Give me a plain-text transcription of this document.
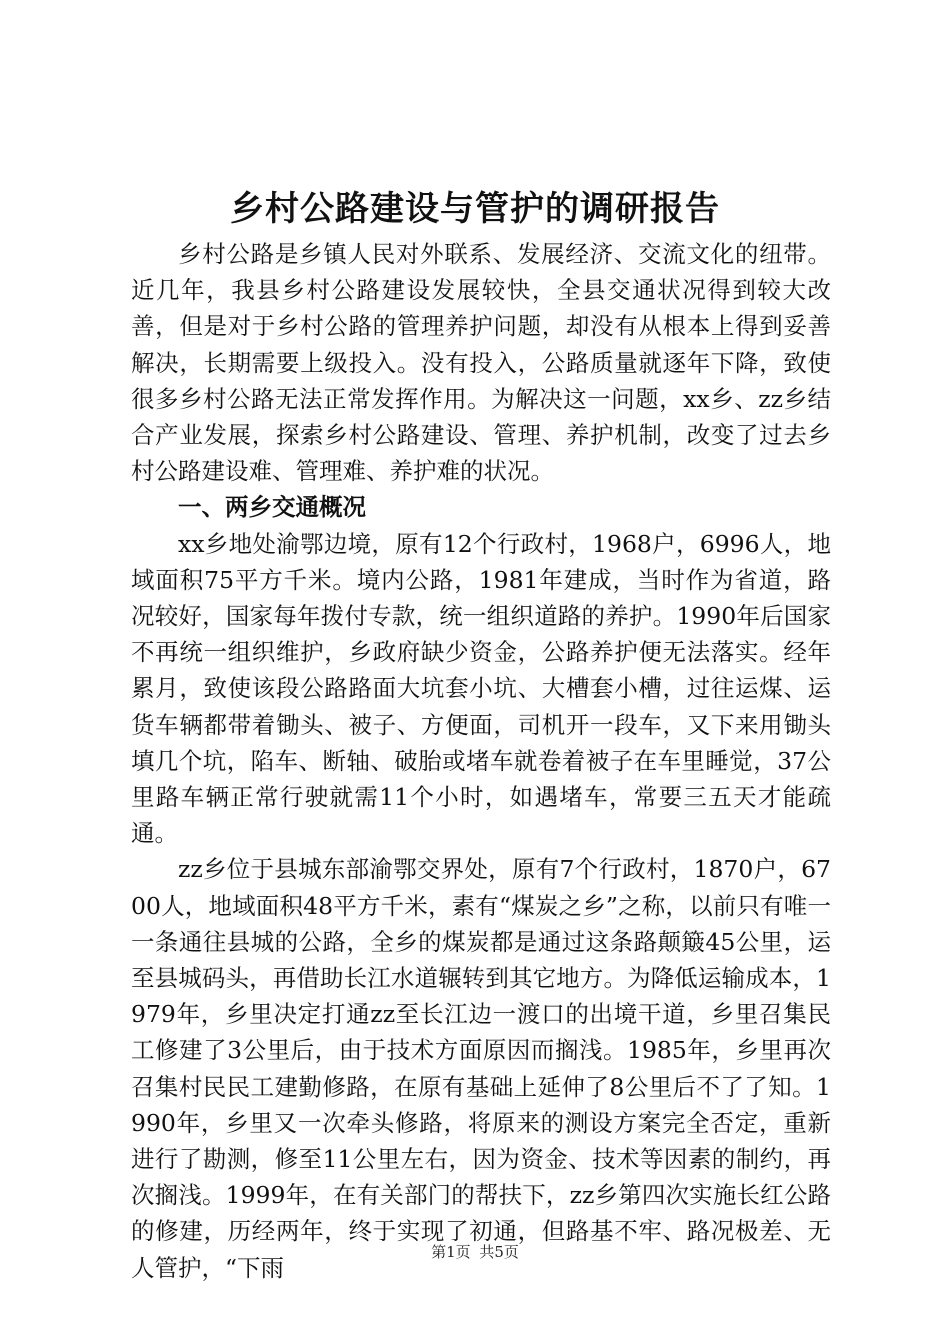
乡村公路建设与管护的调研报告

乡村公路是乡镇人民对外联系、发展经济、交流文化的纽带。近几年，我县乡村公路建设发展较快，全县交通状况得到较大改善，但是对于乡村公路的管理养护问题，却没有从根本上得到妥善解决，长期需要上级投入。没有投入，公路质量就逐年下降，致使很多乡村公路无法正常发挥作用。为解决这一问题，xx乡、zz乡结合产业发展，探索乡村公路建设、管理、养护机制，改变了过去乡村公路建设难、管理难、养护难的状况。

一、两乡交通概况

xx乡地处渝鄂边境，原有12个行政村，1968户，6996人，地域面积75平方千米。境内公路，1981年建成，当时作为省道，路况较好，国家每年拨付专款，统一组织道路的养护。1990年后国家不再统一组织维护，乡政府缺少资金，公路养护便无法落实。经年累月，致使该段公路路面大坑套小坑、大槽套小槽，过往运煤、运货车辆都带着锄头、被子、方便面，司机开一段车，又下来用锄头填几个坑，陷车、断轴、破胎或堵车就卷着被子在车里睡觉，37公里路车辆正常行驶就需11个小时，如遇堵车，常要三五天才能疏通。

zz乡位于县城东部渝鄂交界处，原有7个行政村，1870户，6700人，地域面积48平方千米，素有“煤炭之乡”之称，以前只有唯一一条通往县城的公路，全乡的煤炭都是通过这条路颠簸45公里，运至县城码头，再借助长江水道辗转到其它地方。为降低运输成本，1979年，乡里决定打通zz至长江边一渡口的出境干道，乡里召集民工修建了3公里后，由于技术方面原因而搁浅。1985年，乡里再次召集村民民工建勤修路，在原有基础上延伸了8公里后不了了知。1990年，乡里又一次牵头修路，将原来的测设方案完全否定，重新进行了勘测，修至11公里左右，因为资金、技术等因素的制约，再次搁浅。1999年，在有关部门的帮扶下，zz乡第四次实施长红公路的修建，历经两年，终于实现了初通，但路基不牢、路况极差、无人管护，“下雨

第1页 共5页
